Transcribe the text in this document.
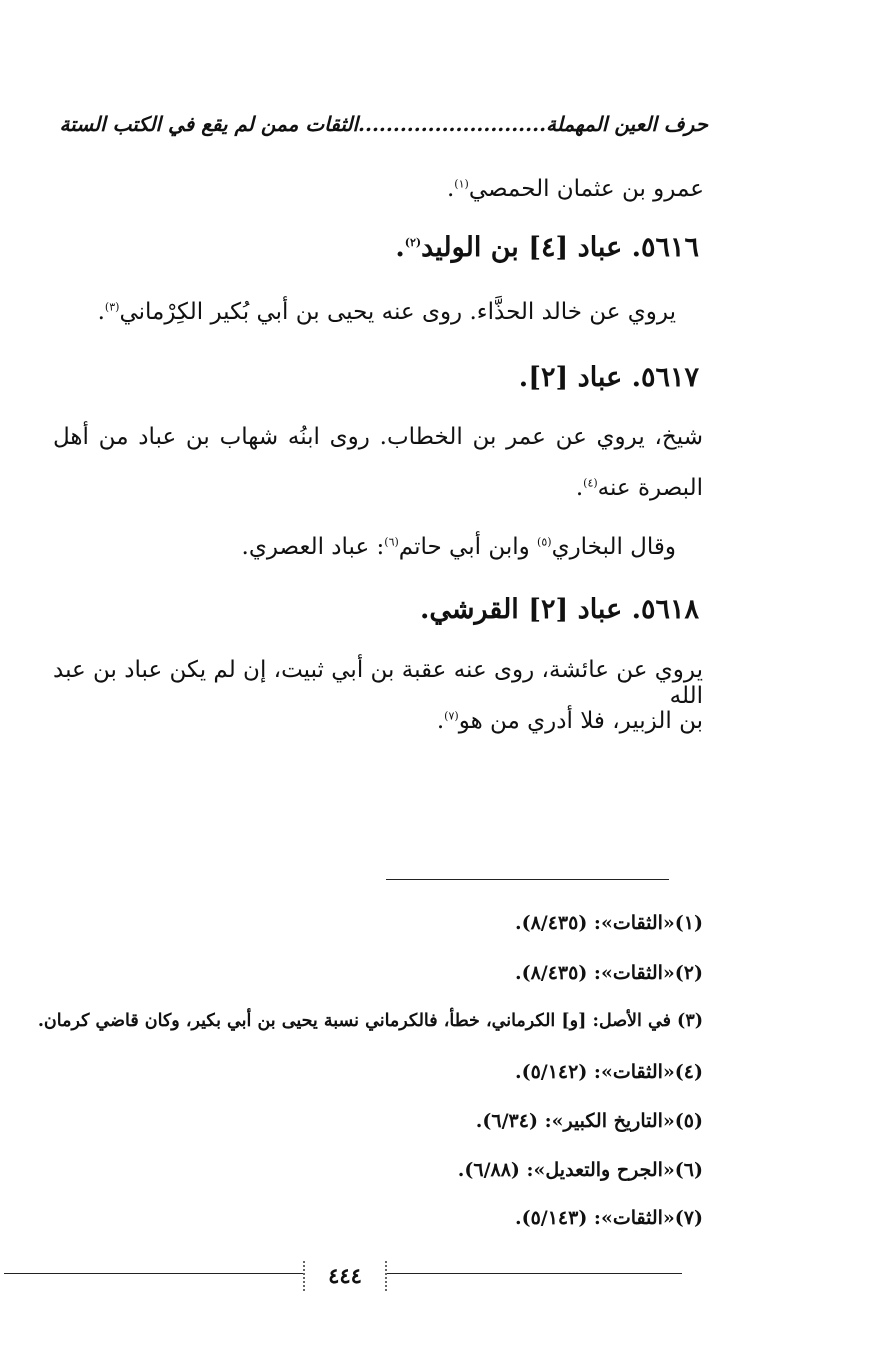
حرف العين المهملة...........................الثقات ممن لم يقع في الكتب الستة
عمرو بن عثمان الحمصي$^{(١)}$.
٥٦١٦. عباد [٤] بن الوليد$^{(٢)}$.
يروي عن خالد الحذَّاء. روى عنه يحيى بن أبي بُكير الكِرْماني$^{(٣)}$.
٥٦١٧. عباد [٢].
شيخ، يروي عن عمر بن الخطاب. روى ابنُه شهاب بن عباد من أهل
البصرة عنه$^{(٤)}$.
وقال البخاري$^{(٥)}$ وابن أبي حاتم$^{(٦)}$: عباد العصري.
٥٦١٨. عباد [٢] القرشي.
يروي عن عائشة، روى عنه عقبة بن أبي ثبيت، إن لم يكن عباد بن عبد الله
بن الزبير، فلا أدري من هو$^{(٧)}$.
(١)«الثقات»: (٨/٤٣٥).
(٢)«الثقات»: (٨/٤٣٥).
(٣) في الأصل: [و] الكرماني، خطأ، فالكرماني نسبة يحيى بن أبي بكير، وكان قاضي كرمان.
(٤)«الثقات»: (٥/١٤٢).
(٥)«التاريخ الكبير»: (٦/٣٤).
(٦)«الجرح والتعديل»: (٦/٨٨).
(٧)«الثقات»: (٥/١٤٣).
٤٤٤
